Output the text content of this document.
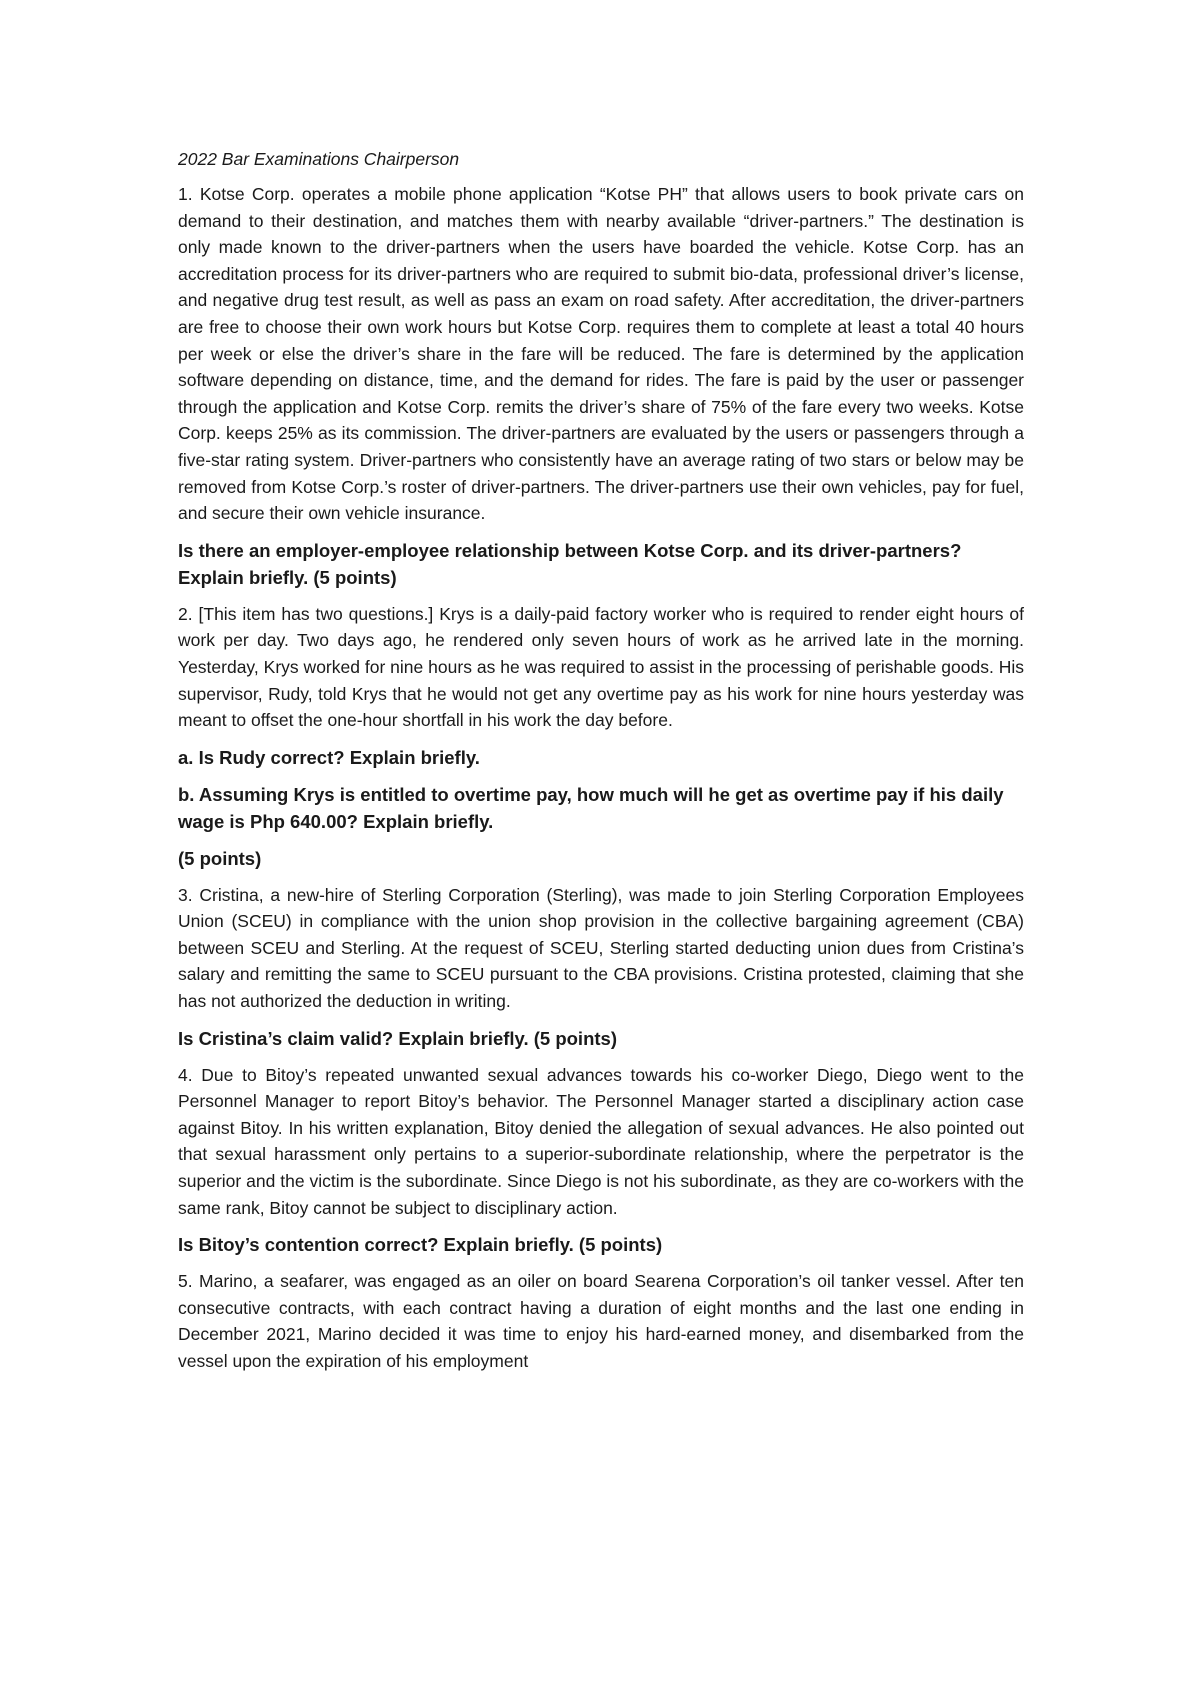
2022 Bar Examinations Chairperson

1. Kotse Corp. operates a mobile phone application “Kotse PH” that allows users to book private cars on demand to their destination, and matches them with nearby available “driver-partners.” The destination is only made known to the driver-partners when the users have boarded the vehicle. Kotse Corp. has an accreditation process for its driver-partners who are required to submit bio-data, professional driver’s license, and negative drug test result, as well as pass an exam on road safety. After accreditation, the driver-partners are free to choose their own work hours but Kotse Corp. requires them to complete at least a total 40 hours per week or else the driver’s share in the fare will be reduced. The fare is determined by the application software depending on distance, time, and the demand for rides. The fare is paid by the user or passenger through the application and Kotse Corp. remits the driver’s share of 75% of the fare every two weeks. Kotse Corp. keeps 25% as its commission. The driver-partners are evaluated by the users or passengers through a five-star rating system. Driver-partners who consistently have an average rating of two stars or below may be removed from Kotse Corp.’s roster of driver-partners. The driver-partners use their own vehicles, pay for fuel, and secure their own vehicle insurance.

Is there an employer-employee relationship between Kotse Corp. and its driver-partners? Explain briefly. (5 points)

2. [This item has two questions.] Krys is a daily-paid factory worker who is required to render eight hours of work per day. Two days ago, he rendered only seven hours of work as he arrived late in the morning. Yesterday, Krys worked for nine hours as he was required to assist in the processing of perishable goods. His supervisor, Rudy, told Krys that he would not get any overtime pay as his work for nine hours yesterday was meant to offset the one-hour shortfall in his work the day before.

a. Is Rudy correct? Explain briefly.

b. Assuming Krys is entitled to overtime pay, how much will he get as overtime pay if his daily wage is Php 640.00? Explain briefly.

(5 points)

3. Cristina, a new-hire of Sterling Corporation (Sterling), was made to join Sterling Corporation Employees Union (SCEU) in compliance with the union shop provision in the collective bargaining agreement (CBA) between SCEU and Sterling. At the request of SCEU, Sterling started deducting union dues from Cristina’s salary and remitting the same to SCEU pursuant to the CBA provisions. Cristina protested, claiming that she has not authorized the deduction in writing.

Is Cristina’s claim valid? Explain briefly. (5 points)

4. Due to Bitoy’s repeated unwanted sexual advances towards his co-worker Diego, Diego went to the Personnel Manager to report Bitoy’s behavior. The Personnel Manager started a disciplinary action case against Bitoy. In his written explanation, Bitoy denied the allegation of sexual advances. He also pointed out that sexual harassment only pertains to a superior-subordinate relationship, where the perpetrator is the superior and the victim is the subordinate. Since Diego is not his subordinate, as they are co-workers with the same rank, Bitoy cannot be subject to disciplinary action.

Is Bitoy’s contention correct? Explain briefly. (5 points)

5. Marino, a seafarer, was engaged as an oiler on board Searena Corporation’s oil tanker vessel. After ten consecutive contracts, with each contract having a duration of eight months and the last one ending in December 2021, Marino decided it was time to enjoy his hard-earned money, and disembarked from the vessel upon the expiration of his employment
